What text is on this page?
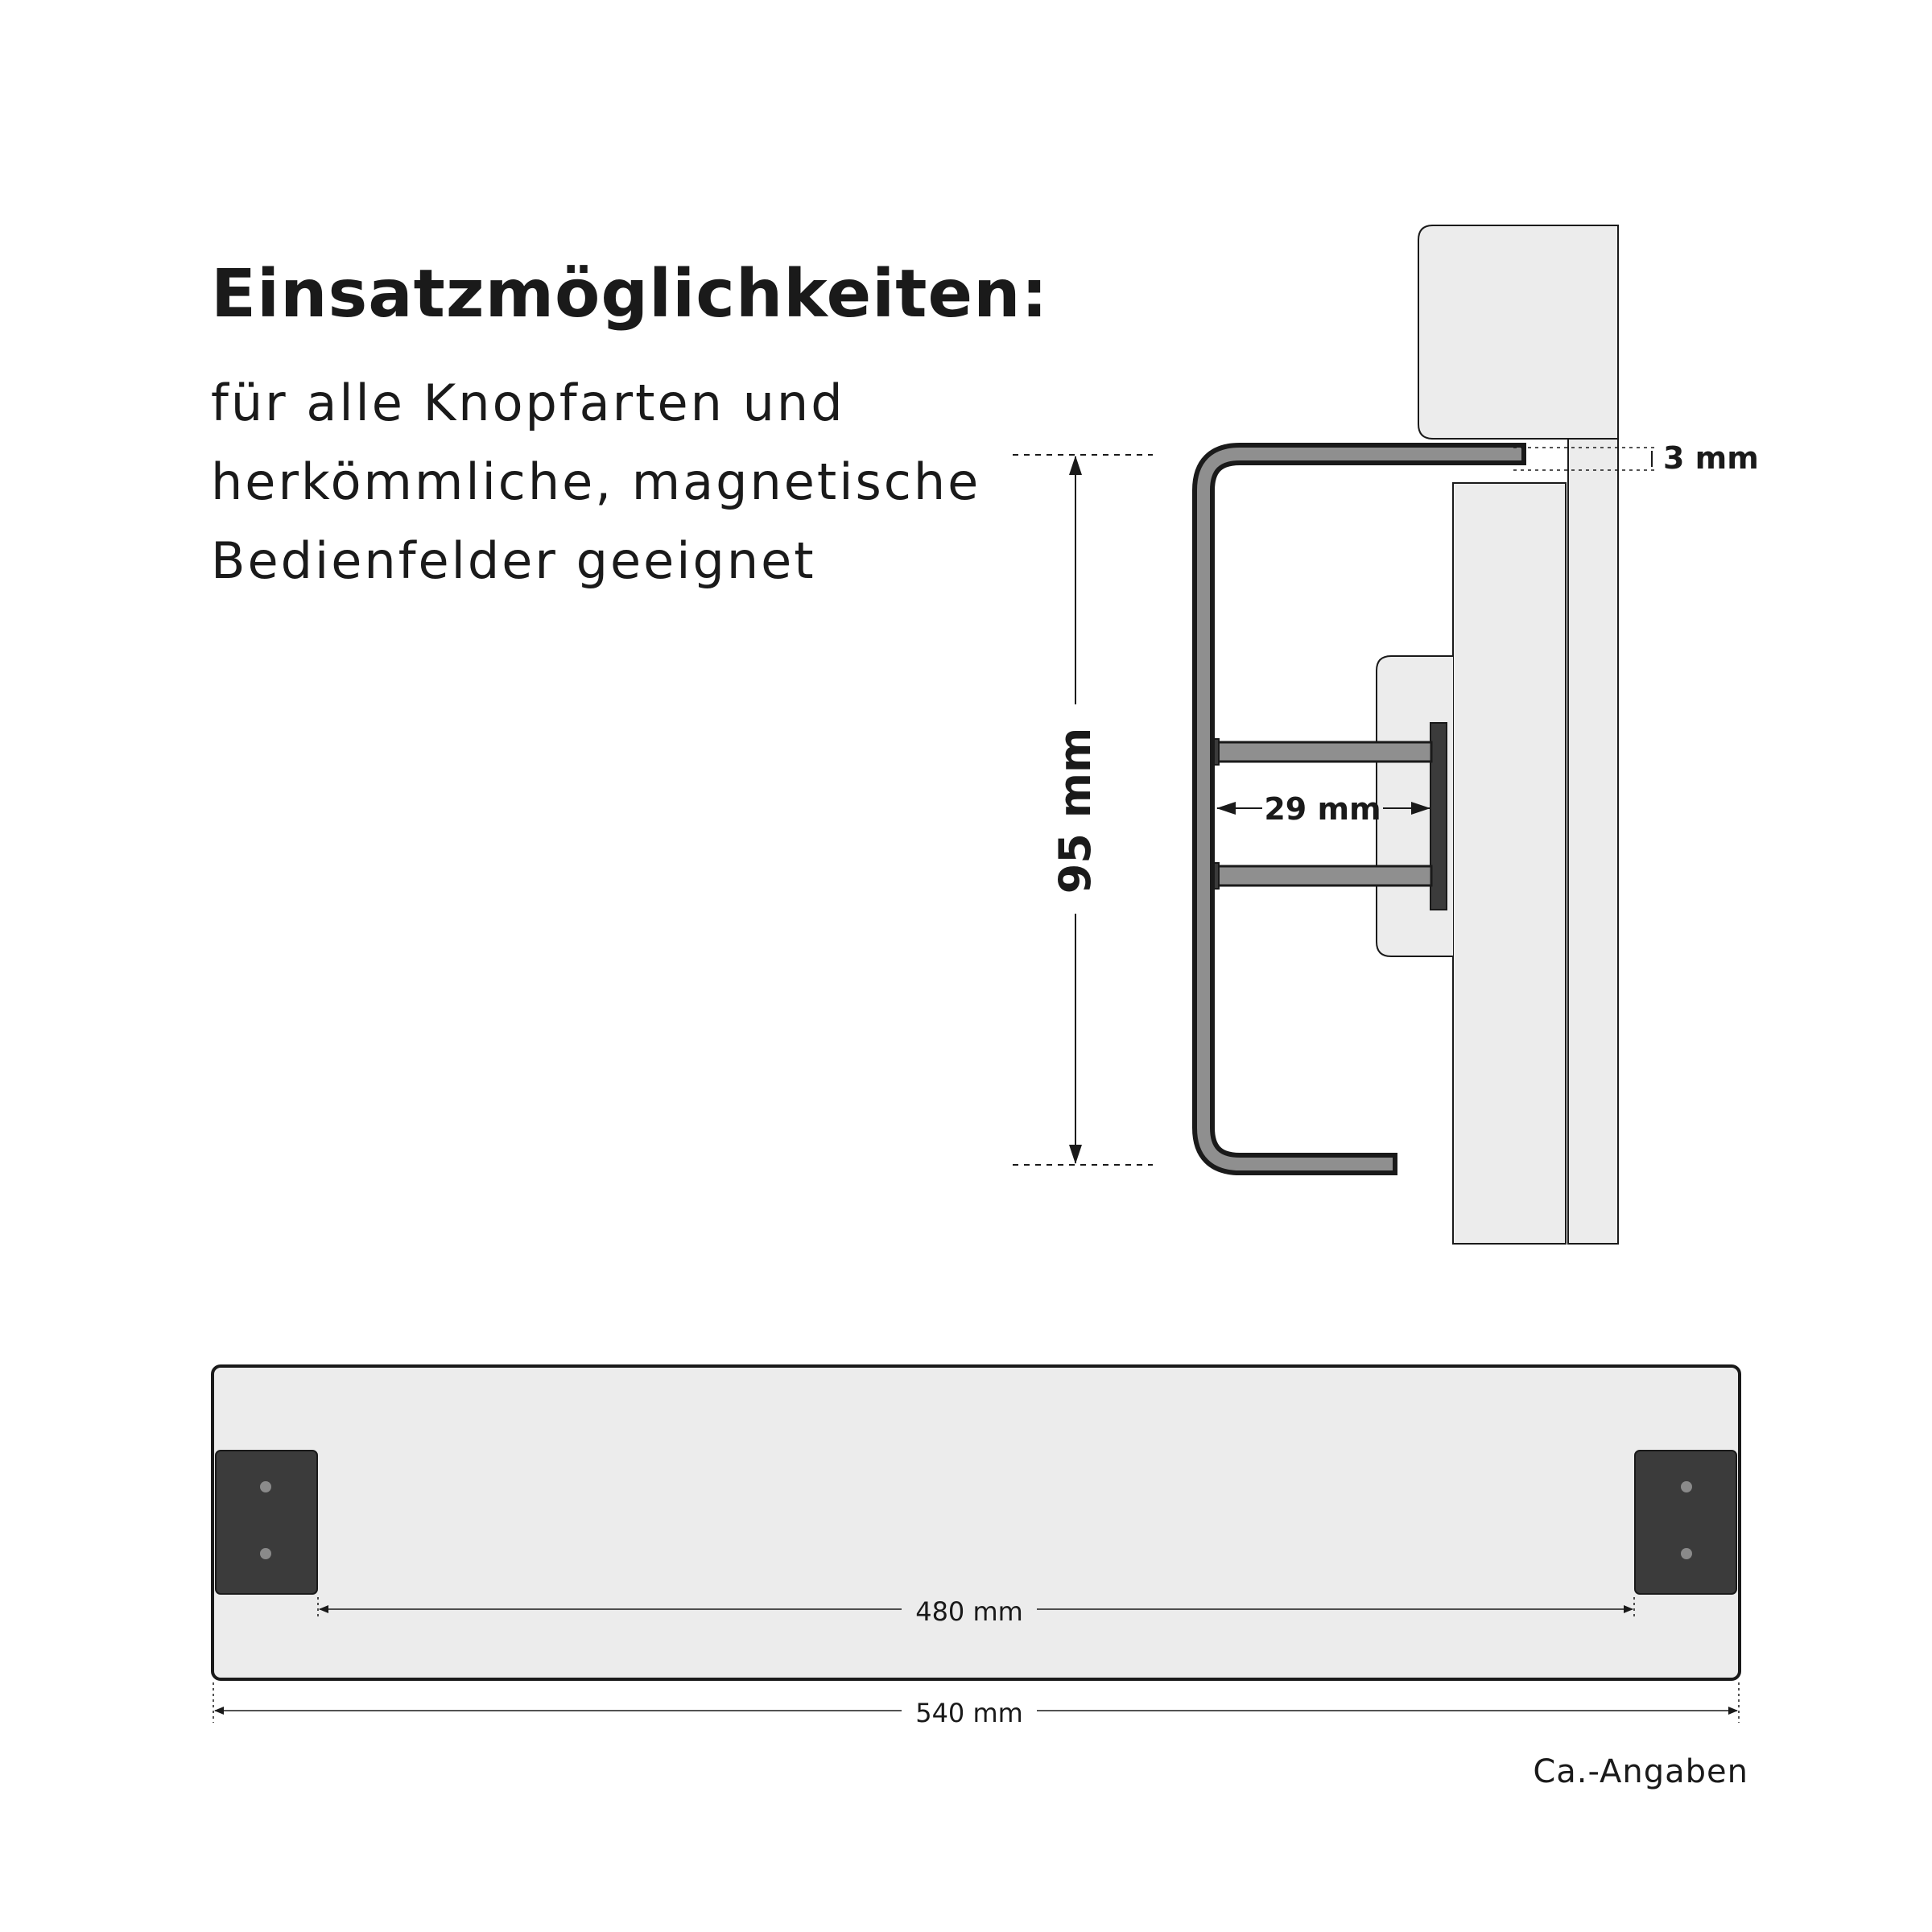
Einsatzmöglichkeiten:

für alle Knopfarten und
herkömmliche, magnetische
Bedienfelder geeignet

95 mm	29 mm
3 mm
480 mm
540 mm
Ca.-Angaben
